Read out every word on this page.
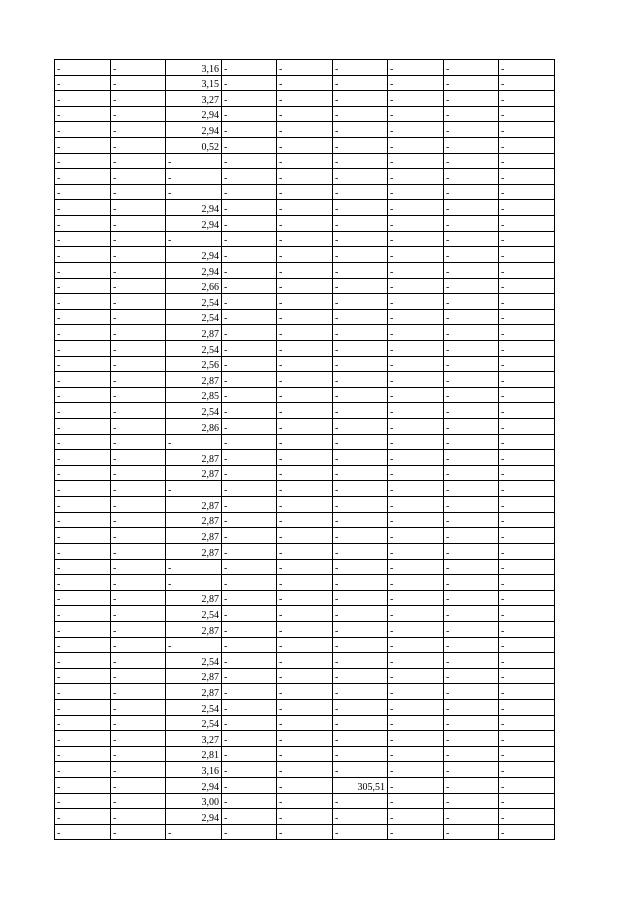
-	-	3,16	-	-	-	-	-	-
-	-	3,15	-	-	-	-	-	-
-	-	3,27	-	-	-	-	-	-
-	-	2,94	-	-	-	-	-	-
-	-	2,94	-	-	-	-	-	-
-	-	0,52	-	-	-	-	-	-
-	-	-	-	-	-	-	-	-
-	-	-	-	-	-	-	-	-
-	-	-	-	-	-	-	-	-
-	-	2,94	-	-	-	-	-	-
-	-	2,94	-	-	-	-	-	-
-	-	-	-	-	-	-	-	-
-	-	2,94	-	-	-	-	-	-
-	-	2,94	-	-	-	-	-	-
-	-	2,66	-	-	-	-	-	-
-	-	2,54	-	-	-	-	-	-
-	-	2,54	-	-	-	-	-	-
-	-	2,87	-	-	-	-	-	-
-	-	2,54	-	-	-	-	-	-
-	-	2,56	-	-	-	-	-	-
-	-	2,87	-	-	-	-	-	-
-	-	2,85	-	-	-	-	-	-
-	-	2,54	-	-	-	-	-	-
-	-	2,86	-	-	-	-	-	-
-	-	-	-	-	-	-	-	-
-	-	2,87	-	-	-	-	-	-
-	-	2,87	-	-	-	-	-	-
-	-	-	-	-	-	-	-	-
-	-	2,87	-	-	-	-	-	-
-	-	2,87	-	-	-	-	-	-
-	-	2,87	-	-	-	-	-	-
-	-	2,87	-	-	-	-	-	-
-	-	-	-	-	-	-	-	-
-	-	-	-	-	-	-	-	-
-	-	2,87	-	-	-	-	-	-
-	-	2,54	-	-	-	-	-	-
-	-	2,87	-	-	-	-	-	-
-	-	-	-	-	-	-	-	-
-	-	2,54	-	-	-	-	-	-
-	-	2,87	-	-	-	-	-	-
-	-	2,87	-	-	-	-	-	-
-	-	2,54	-	-	-	-	-	-
-	-	2,54	-	-	-	-	-	-
-	-	3,27	-	-	-	-	-	-
-	-	2,81	-	-	-	-	-	-
-	-	3,16	-	-	-	-	-	-
-	-	2,94	-	-	305,51	-	-	-
-	-	3,00	-	-	-	-	-	-
-	-	2,94	-	-	-	-	-	-
-	-	-	-	-	-	-	-	-
